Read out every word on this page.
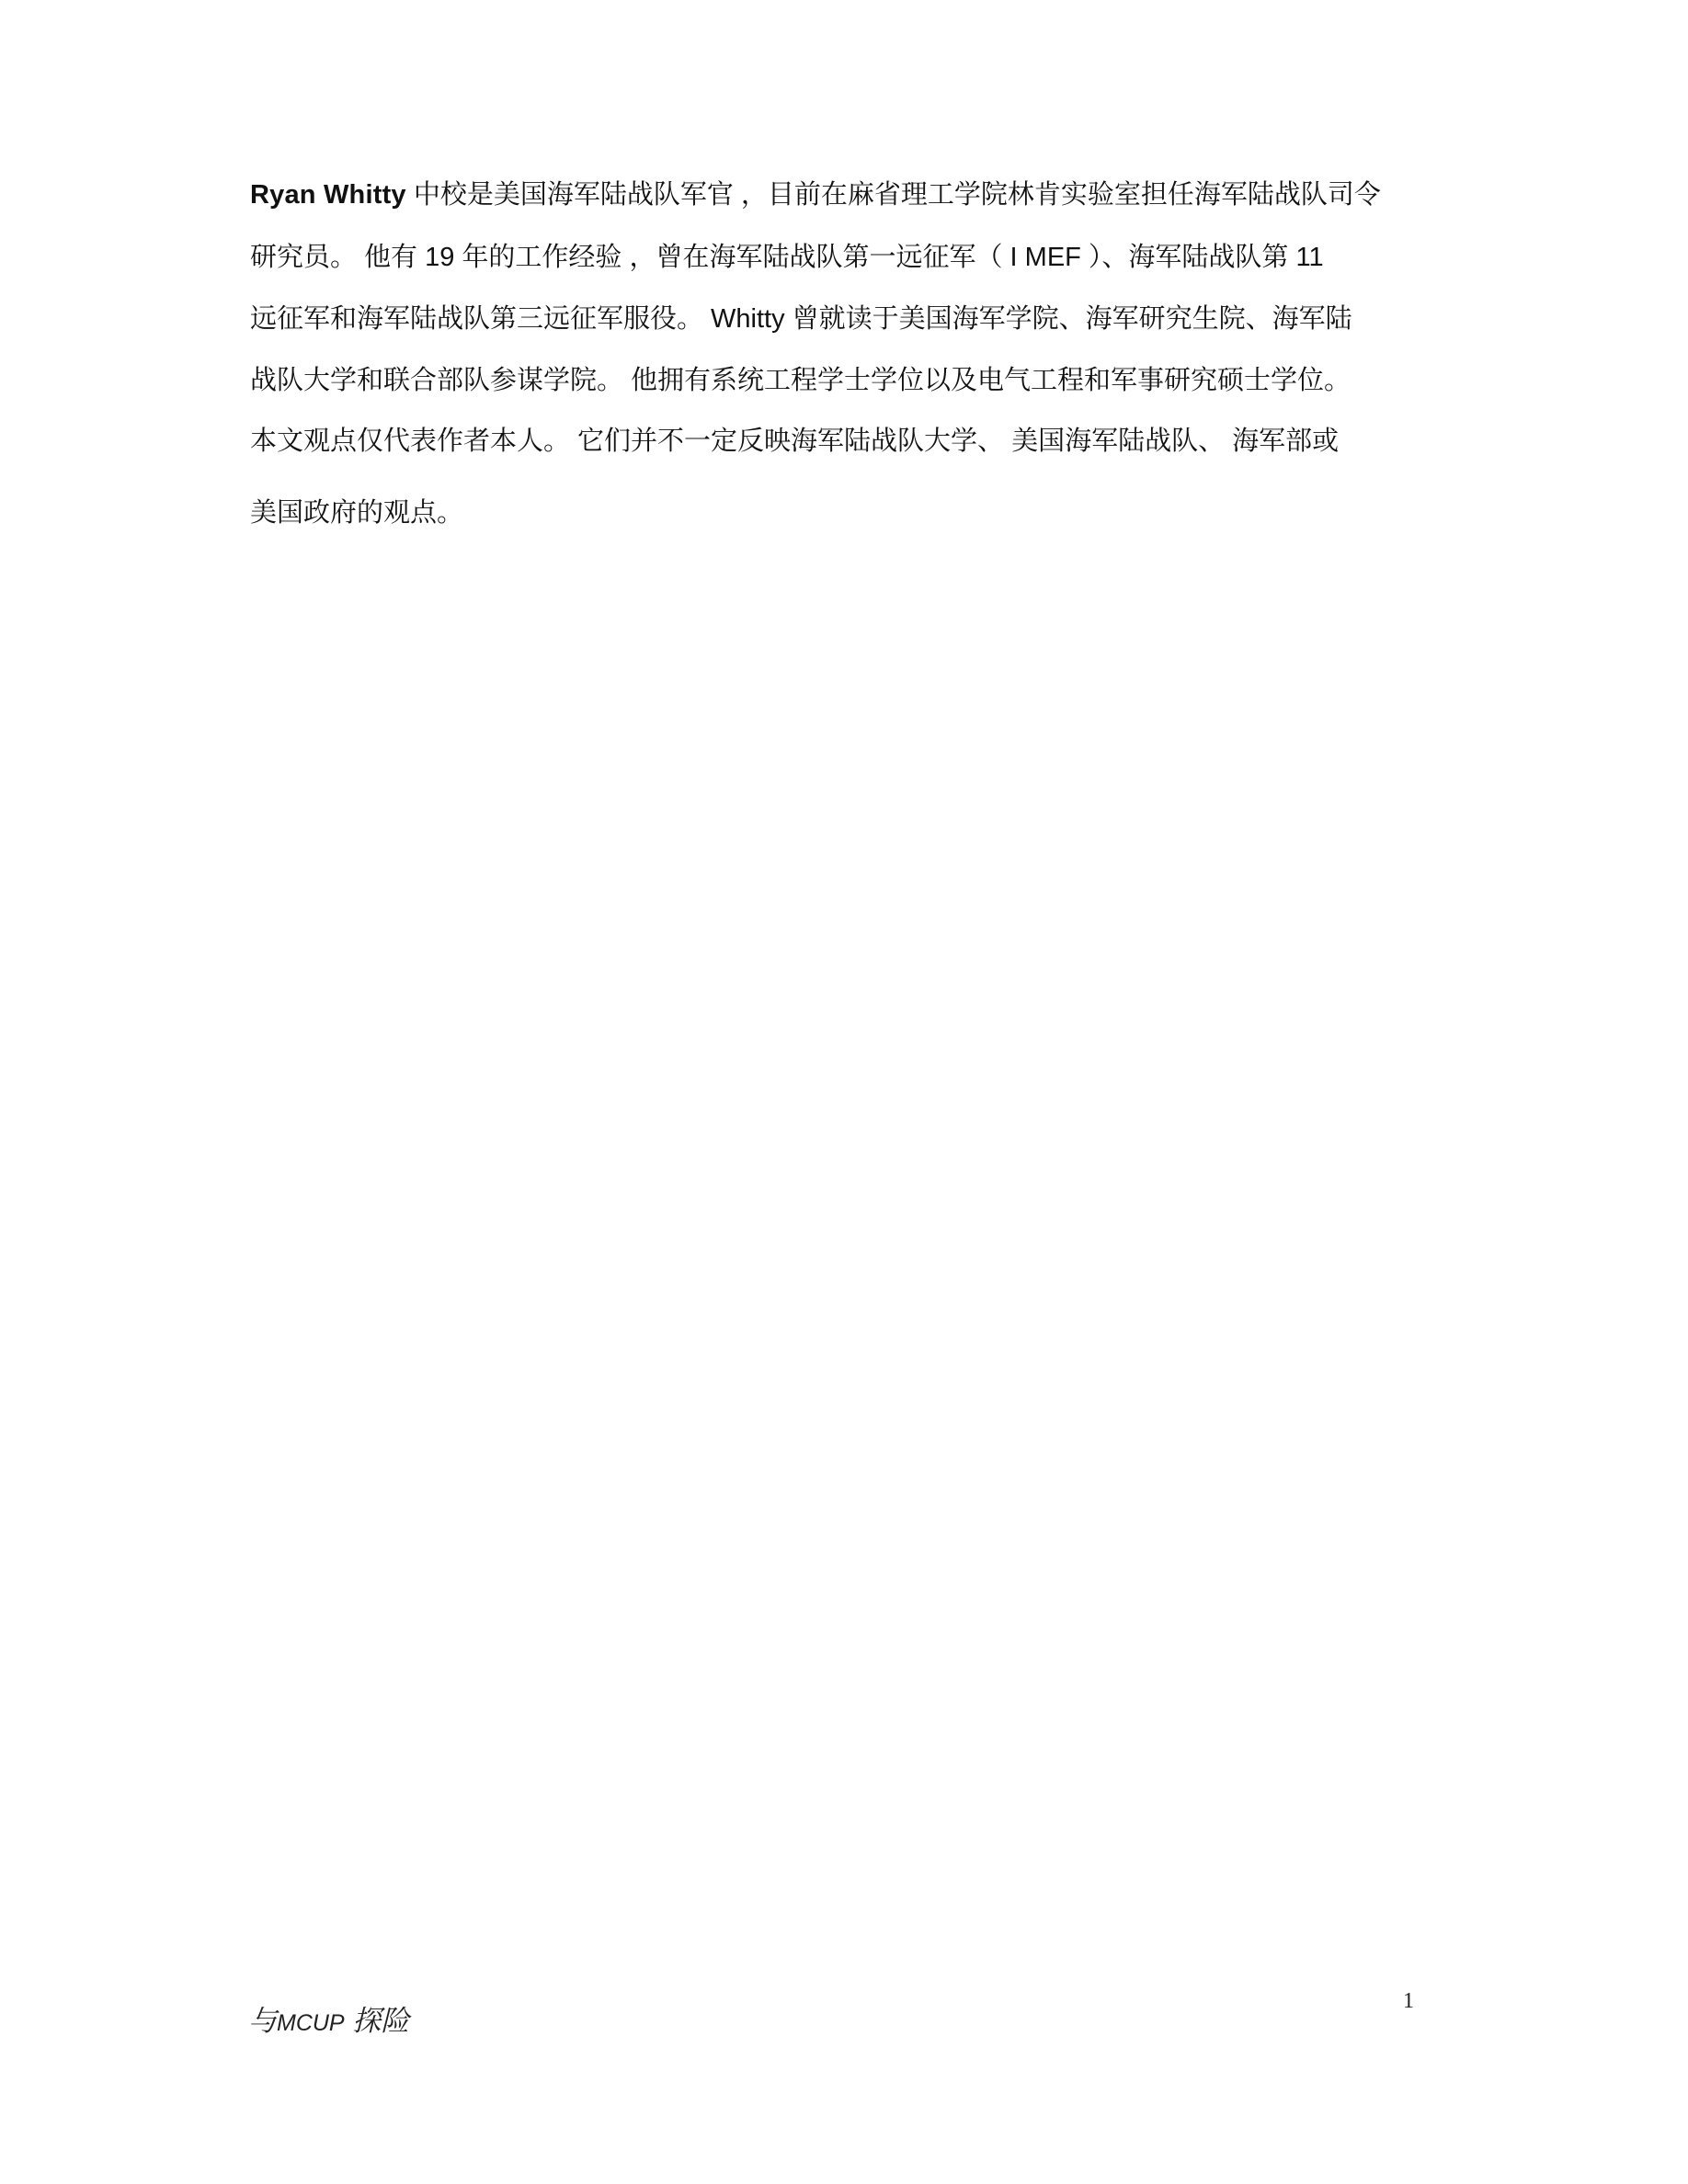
Ryan Whitty 中校是美国海军陆战队军官 ，目前在麻省理工学院林肯实验室担任海军陆战队司令

研究员。 他有 19 年的工作经验 ，曾在海军陆战队第一远征军（ I MEF ）、海军陆战队第 11

远征军和海军陆战队第三远征军服役。 Whitty 曾就读于美国海军学院、海军研究生院、海军陆

战队大学和联合部队参谋学院。 他拥有系统工程学士学位以及电气工程和军事研究硕士学位。

本文观点仅代表作者本人。 它们并不一定反映海军陆战队大学、 美国海军陆战队、 海军部或

美国政府的观点。

与MCUP 探险
1
